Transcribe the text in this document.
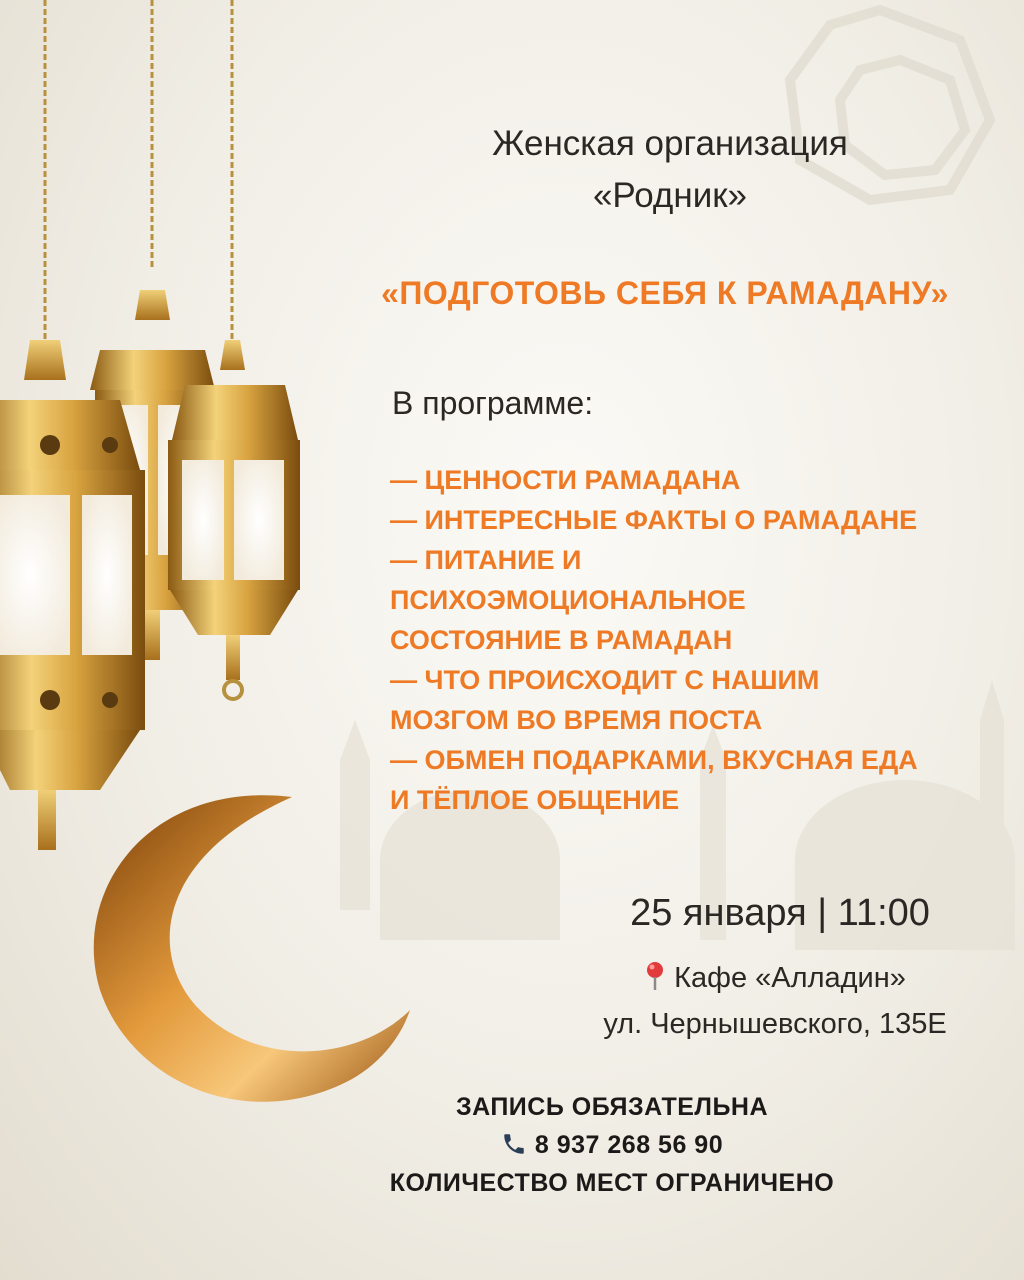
Женская организация
«Родник»
«ПОДГОТОВЬ СЕБЯ К РАМАДАНУ»
В программе:
— ЦЕННОСТИ РАМАДАНА
— ИНТЕРЕСНЫЕ ФАКТЫ О РАМАДАНЕ
— ПИТАНИЕ И
ПСИХОЭМОЦИОНАЛЬНОЕ
СОСТОЯНИЕ В РАМАДАН
— ЧТО ПРОИСХОДИТ С НАШИМ
МОЗГОМ ВО ВРЕМЯ ПОСТА
— ОБМЕН ПОДАРКАМИ, ВКУСНАЯ ЕДА
И ТЁПЛОЕ ОБЩЕНИЕ
25 января | 11:00
Кафе «Алладин»
ул. Чернышевского, 135Е
ЗАПИСЬ ОБЯЗАТЕЛЬНА
8 937 268 56 90
КОЛИЧЕСТВО МЕСТ ОГРАНИЧЕНО
